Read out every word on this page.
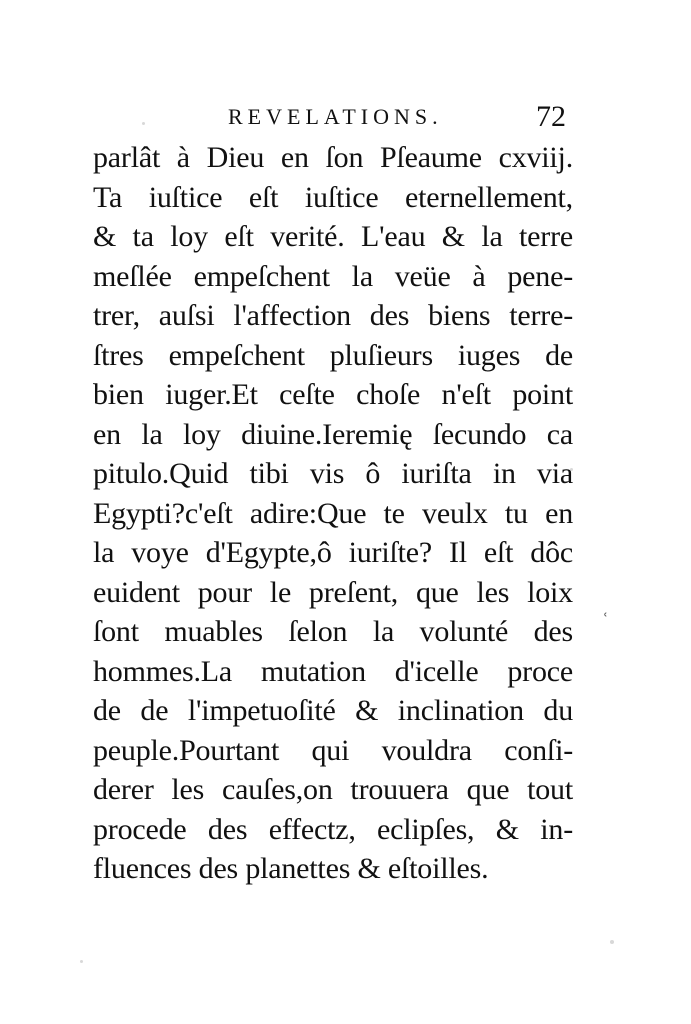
REVELATIONS.	72
parlât à Dieu en ſon Pſeaume cxviij.
Ta iuſtice eſt iuſtice eternellement,
& ta loy eſt verité. L'eau & la terre
meſlée empeſchent la veüe à pene-
trer, auſsi l'affection des biens terre-
ſtres empeſchent pluſieurs iuges de
bien iuger.Et ceſte choſe n'eſt point
en la loy diuine.Ieremię ſecundo ca
pitulo.Quid tibi vis ô iuriſta in via
Egypti?c'eſt adire:Que te veulx tu en
la voye d'Egypte,ô iuriſte? Il eſt dôc
euident pour le preſent, que les loix
ſont muables ſelon la volunté des
hommes.La mutation d'icelle proce
de de l'impetuoſité & inclination du
peuple.Pourtant qui vouldra conſi-
derer les cauſes,on trouuera que tout
procede des effectz, eclipſes, & in-
fluences des planettes & eſtoilles.
ʿ
